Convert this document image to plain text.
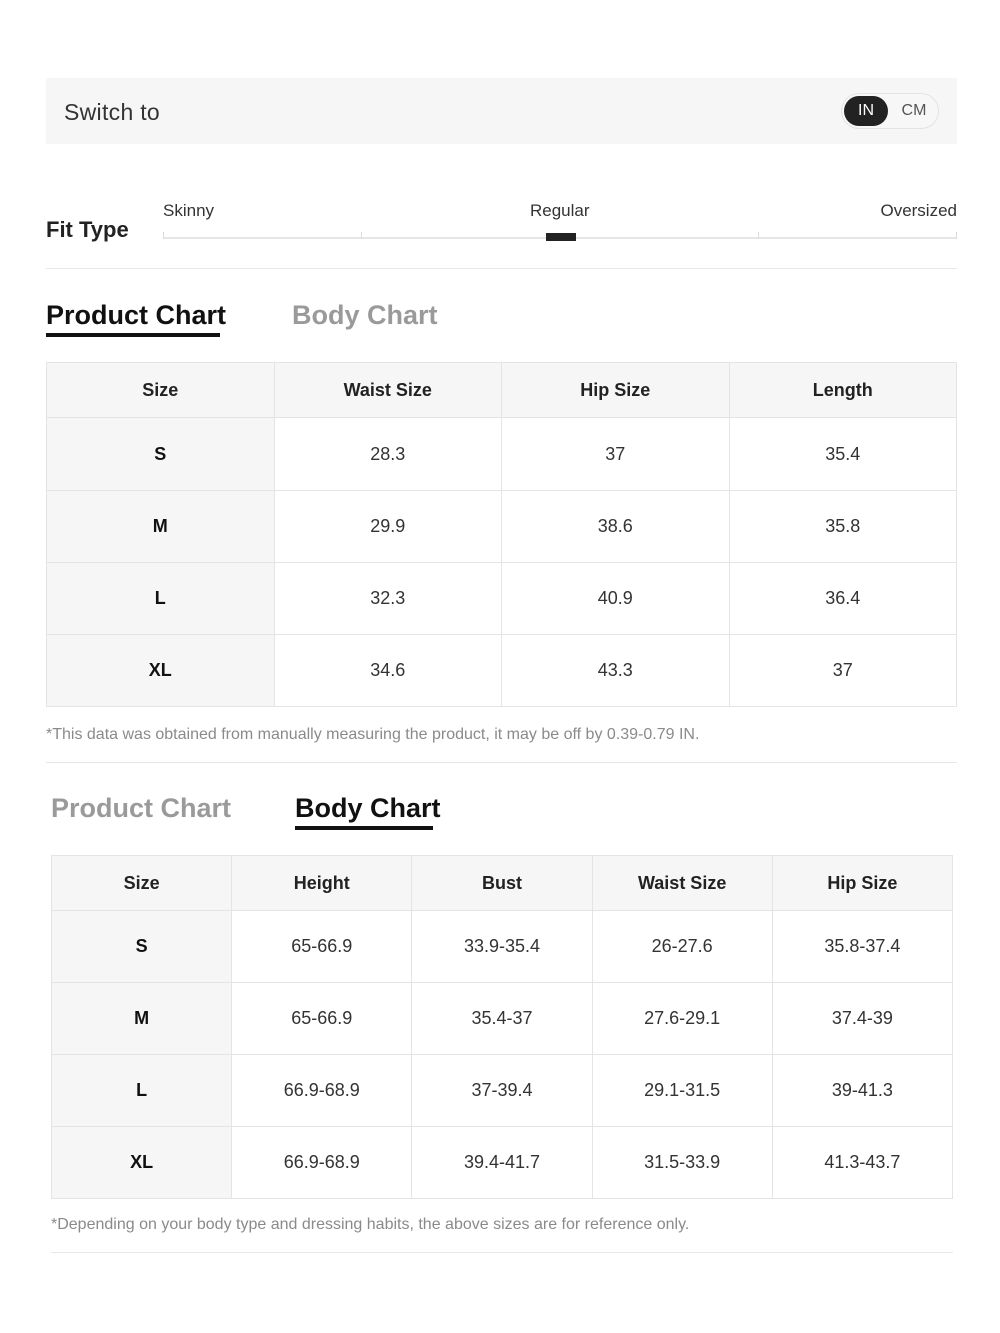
Switch to	IN	CM
Fit Type
Skinny	Regular	Oversized
Product Chart Body Chart
Size	Waist Size	Hip Size	Length
S	28.3	37	35.4
M	29.9	38.6	35.8
L	32.3	40.9	36.4
XL	34.6	43.3	37
*This data was obtained from manually measuring the product, it may be off by 0.39-0.79 IN.
Product Chart Body Chart
Size	Height	Bust	Waist Size	Hip Size
S	65-66.9	33.9-35.4	26-27.6	35.8-37.4
M	65-66.9	35.4-37	27.6-29.1	37.4-39
L	66.9-68.9	37-39.4	29.1-31.5	39-41.3
XL	66.9-68.9	39.4-41.7	31.5-33.9	41.3-43.7
*Depending on your body type and dressing habits, the above sizes are for reference only.
